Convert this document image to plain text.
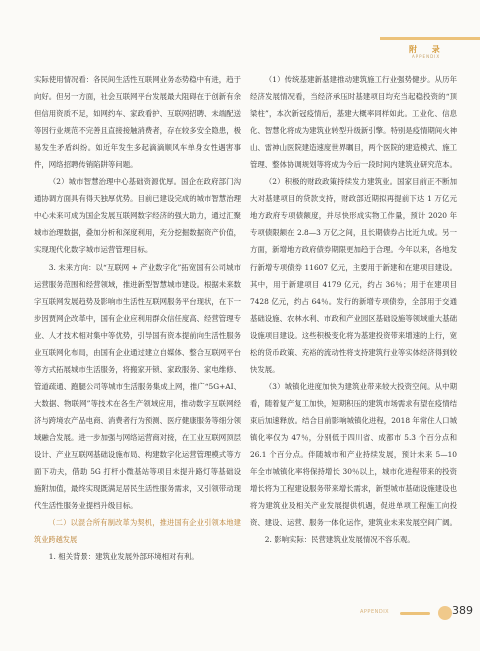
附 录
APPENDIX

实际使用情况看：各民间生活性互联网业务态势稳中有进，趋于向好。但另一方面，社会互联网平台发展最大阻碍在于创新有余但信用资质不足，如网约车、家政看护、互联网招聘、未端配送等因行业规范不完善且直接接触消费者，存在较多安全隐患，极易发生矛盾纠纷。如近年发生多起滴滴顺风车单身女性遇害事件，网络招聘传销陷阱等问题。

（2）城市智慧治理中心基础资源优厚。国企在政府部门沟通协调方面具有得天独厚优势。目前已建设完成的城市智慧治理中心未来可成为国企发展互联网数字经济的强大助力，通过汇聚城市治理数据，叠加分析和深度利用，充分挖掘数据资产价值，实现现代化数字城市运营管理目标。

3. 未来方向：以“互联网 + 产业数字化”拓宽国有公司城市运营服务范围和经营领域，推进新型智慧城市建设。根据未来数字互联网发展趋势及影响市生活性互联网服务平台现状，在下一步因贾网企改革中，国有企业应利用群众信任度高、经营管理专业、人才技术相对集中等优势，引导国有资本提前向生活性服务业互联网化布局，由国有企业通过建立自媒体、整合互联网平台等方式拓展城市生活服务，将搬家开锁、家政服务、家电维修、管道疏通、跑腿公司等城市生活服务集成上网，推广“5G+AI、大数据、物联网”等技术在各生产领域应用，推动数字互联网经济与跨境农产品电商、消费者行为预测、医疗健康服务等细分领域融合发展。进一步加强与网络运营商对接，在工业互联网顶层设计、产业互联网基础设施布局、构建数字化运营管理模式等方面下功夫，借助 5G 打杆小微基站等项目未提升路灯等基础设施附加值，最终实现既满足居民生活性服务需求，又引领带动现代生活性服务业提档升级目标。

（二）以混合所有制改革为契机，推进国有企业引领本地建筑业跨越发展

1. 相关背景：建筑业发展外部环境相对有利。

（1）传统基建新基建推动建筑施工行业强势健步。从历年经济发展情况看，当经济承压时基建项目均充当起稳投资的“顶梁柱”，本次新冠疫情后，基建大概率同样如此。工业化、信息化、智慧化将成为建筑业转型升级新引擎。特别是疫情期间火神山、雷神山医院建造速度世界瞩目，两个医院的建造模式、施工管理、整体协调规划等将成为今后一段时间内建筑业研究范本。

（2）积极的财政政策持续发力建筑业。国家目前正不断加大对基建项目的贷款支持，财政部近期拟再提前下达 1 万亿元地方政府专项债额度，并尽快形成实物工作量，预计 2020 年专项债限额在 2.8—3 万亿之间，且长期债券占比近九成。另一方面，新增地方政府债券期限更加趋于合理。今年以来，各地发行新增专项债券 11607 亿元，主要用于新建和在建项目建设。其中，用于新建项目 4179 亿元，约占 36％；用于在建项目 7428 亿元，约占 64％。发行的新增专项债券，全部用于交通基础设施、农林水利、市政和产业园区基础设施等领域重大基础设施项目建设。这些积极变化将为基建投资带来增速的上行，宽松的货币政策、充裕的流动性将支持建筑行业等实体经济得到较快发展。

（3）城镇化进度加快为建筑业带来较大投资空间。从中期看，随着复产复工加快，短期积压的建筑市场需求有望在疫情结束后加速释放。结合目前影响城镇化进程，2018 年常住人口城镇化率仅为 47％，分别低于四川省、成都市 5.3 个百分点和 26.1 个百分点。伴随城市和产业持续发展，预计未来 5—10 年全市城镇化率将保持增长 30％以上，城市化进程带来的投资增长将为工程建设服务带来增长需求，新型城市基础设施建设也将为建筑业及相关产业发展提供机遇，促进单项工程施工向投资、建设、运营、服务一体化运作，建筑业未来发展空间广阔。

2. 影响实际：民营建筑业发展情况不容乐观。

APPENDIX	389
